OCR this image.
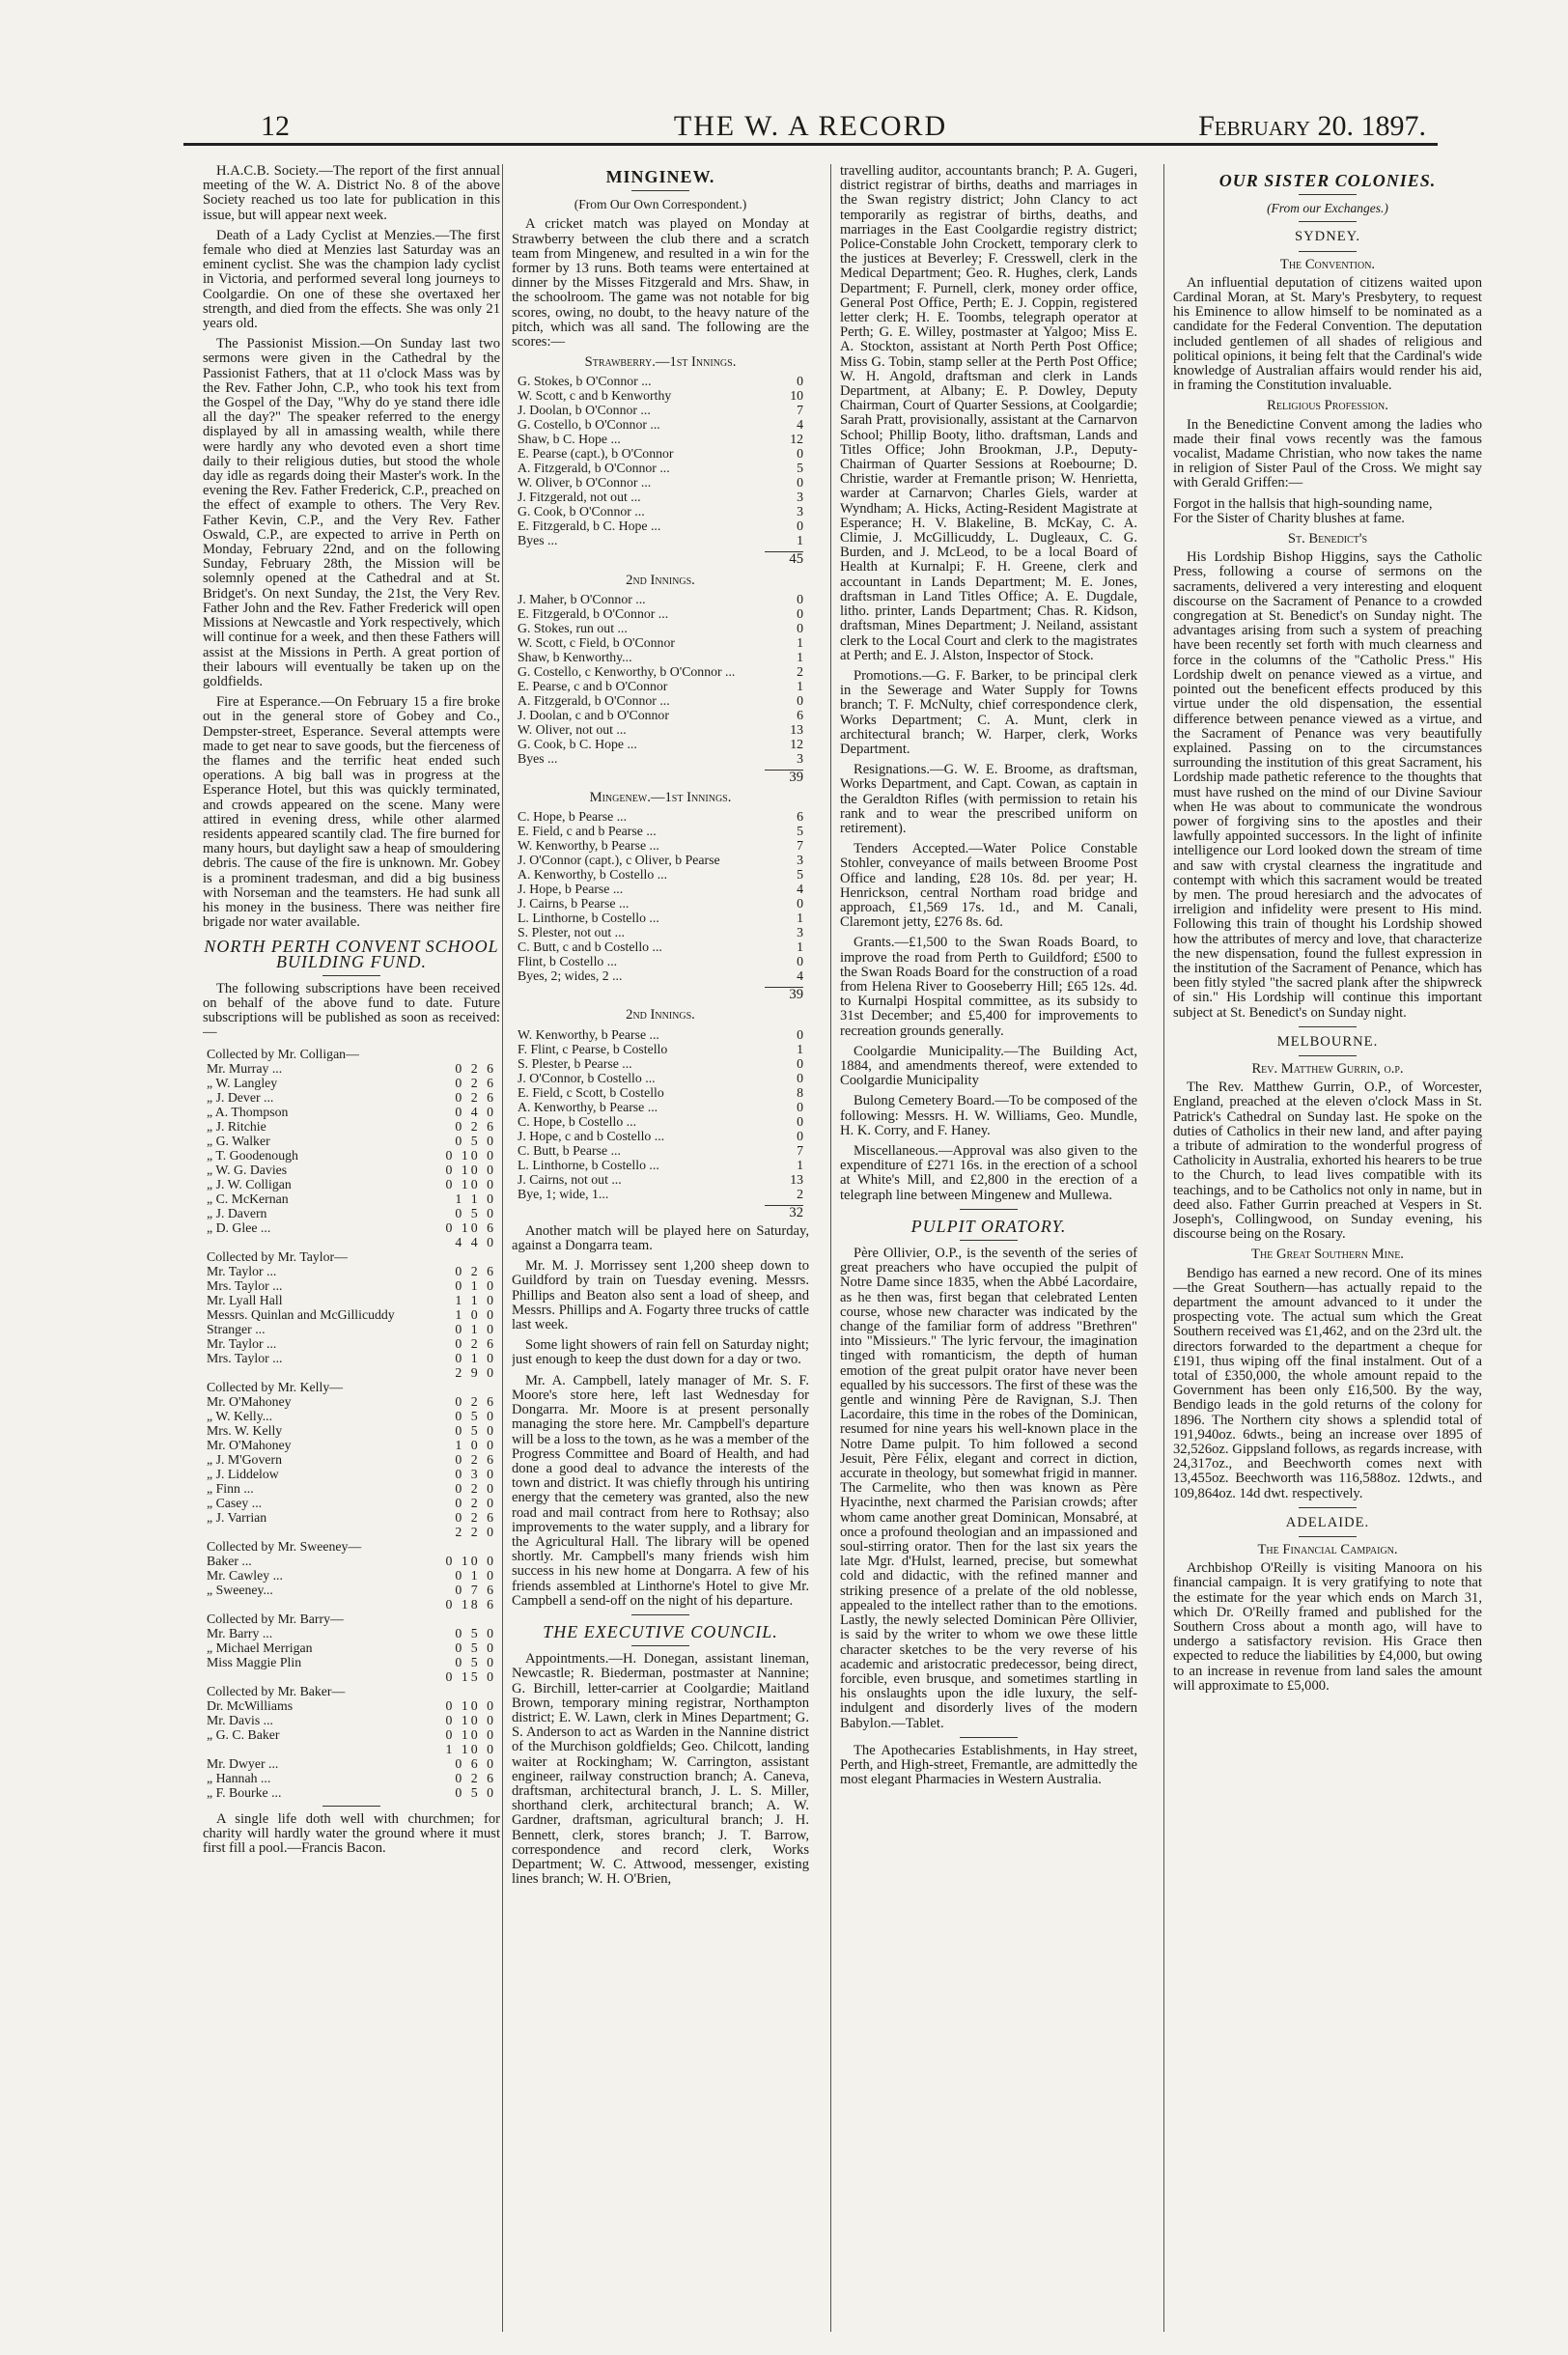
12	THE W. A RECORD	February 20. 1897.

H.A.C.B. Society.—The report of the first annual meeting of the W. A. District No. 8 of the above Society reached us too late for publication in this issue, but will appear next week.

Death of a Lady Cyclist at Menzies.—The first female who died at Menzies last Saturday was an eminent cyclist. She was the champion lady cyclist in Victoria, and performed several long journeys to Coolgardie. On one of these she overtaxed her strength, and died from the effects. She was only 21 years old.

The Passionist Mission.—On Sunday last two sermons were given in the Cathedral by the Passionist Fathers, that at 11 o'clock Mass was by the Rev. Father John, C.P., who took his text from the Gospel of the Day, "Why do ye stand there idle all the day?" The speaker referred to the energy displayed by all in amassing wealth, while there were hardly any who devoted even a short time daily to their religious duties, but stood the whole day idle as regards doing their Master's work. In the evening the Rev. Father Frederick, C.P., preached on the effect of example to others. The Very Rev. Father Kevin, C.P., and the Very Rev. Father Oswald, C.P., are expected to arrive in Perth on Monday, February 22nd, and on the following Sunday, February 28th, the Mission will be solemnly opened at the Cathedral and at St. Bridget's. On next Sunday, the 21st, the Very Rev. Father John and the Rev. Father Frederick will open Missions at Newcastle and York respectively, which will continue for a week, and then these Fathers will assist at the Missions in Perth. A great portion of their labours will eventually be taken up on the goldfields.

Fire at Esperance.—On February 15 a fire broke out in the general store of Gobey and Co., Dempster-street, Esperance. Several attempts were made to get near to save goods, but the fierceness of the flames and the terrific heat ended such operations. A big ball was in progress at the Esperance Hotel, but this was quickly terminated, and crowds appeared on the scene. Many were attired in evening dress, while other alarmed residents appeared scantily clad. The fire burned for many hours, but daylight saw a heap of smouldering debris. The cause of the fire is unknown. Mr. Gobey is a prominent tradesman, and did a big business with Norseman and the teamsters. He had sunk all his money in the business. There was neither fire brigade nor water available.

NORTH PERTH CONVENT SCHOOL BUILDING FUND.

The following subscriptions have been received on behalf of the above fund to date. Future subscriptions will be published as soon as received:—

Collected by Mr. Colligan—
Mr. Murray ...	0 2 6
„ W. Langley	0 2 6
„ J. Dever ...	0 2 6
„ A. Thompson	0 4 0
„ J. Ritchie	0 2 6
„ G. Walker	0 5 0
„ T. Goodenough	0 10 0
„ W. G. Davies	0 10 0
„ J. W. Colligan	0 10 0
„ C. McKernan	1 1 0
„ J. Davern	0 5 0
„ D. Glee ...	0 10 6
4 4 0
Collected by Mr. Taylor—
Mr. Taylor ...	0 2 6
Mrs. Taylor ...	0 1 0
Mr. Lyall Hall	1 1 0
Messrs. Quinlan and McGillicuddy	1 0 0
Stranger ...	0 1 0
Mr. Taylor ...	0 2 6
Mrs. Taylor ...	0 1 0
2 9 0
Collected by Mr. Kelly—
Mr. O'Mahoney	0 2 6
„ W. Kelly...	0 5 0
Mrs. W. Kelly	0 5 0
Mr. O'Mahoney	1 0 0
„ J. M'Govern	0 2 6
„ J. Liddelow	0 3 0
„ Finn ...	0 2 0
„ Casey ...	0 2 0
„ J. Varrian	0 2 6
2 2 0
Collected by Mr. Sweeney—
Baker ...	0 10 0
Mr. Cawley ...	0 1 0
„ Sweeney...	0 7 6
0 18 6
Collected by Mr. Barry—
Mr. Barry ...	0 5 0
„ Michael Merrigan	0 5 0
Miss Maggie Plin	0 5 0
0 15 0
Collected by Mr. Baker—
Dr. McWilliams	0 10 0
Mr. Davis ...	0 10 0
„ G. C. Baker	0 10 0
1 10 0
Mr. Dwyer ...	0 6 0
„ Hannah ...	0 2 6
„ F. Bourke ...	0 5 0

A single life doth well with churchmen; for charity will hardly water the ground where it must first fill a pool.—Francis Bacon.

MINGINEW.
(From Our Own Correspondent.)

A cricket match was played on Monday at Strawberry between the club there and a scratch team from Mingenew, and resulted in a win for the former by 13 runs. Both teams were entertained at dinner by the Misses Fitzgerald and Mrs. Shaw, in the schoolroom. The game was not notable for big scores, owing, no doubt, to the heavy nature of the pitch, which was all sand. The following are the scores:—

Strawberry.—1st Innings.
G. Stokes, b O'Connor ...	0
W. Scott, c and b Kenworthy	10
J. Doolan, b O'Connor ...	7
G. Costello, b O'Connor ...	4
Shaw, b C. Hope ...	12
E. Pearse (capt.), b O'Connor	0
A. Fitzgerald, b O'Connor ...	5
W. Oliver, b O'Connor ...	0
J. Fitzgerald, not out ...	3
G. Cook, b O'Connor ...	3
E. Fitzgerald, b C. Hope ...	0
Byes ...	1
45
2nd Innings.
J. Maher, b O'Connor ...	0
E. Fitzgerald, b O'Connor ...	0
G. Stokes, run out ...	0
W. Scott, c Field, b O'Connor	1
Shaw, b Kenworthy...	1
G. Costello, c Kenworthy, b O'Connor ...	2
E. Pearse, c and b O'Connor	1
A. Fitzgerald, b O'Connor ...	0
J. Doolan, c and b O'Connor	6
W. Oliver, not out ...	13
G. Cook, b C. Hope ...	12
Byes ...	3
39
Mingenew.—1st Innings.
C. Hope, b Pearse ...	6
E. Field, c and b Pearse ...	5
W. Kenworthy, b Pearse ...	7
J. O'Connor (capt.), c Oliver, b Pearse	3
A. Kenworthy, b Costello ...	5
J. Hope, b Pearse ...	4
J. Cairns, b Pearse ...	0
L. Linthorne, b Costello ...	1
S. Plester, not out ...	3
C. Butt, c and b Costello ...	1
Flint, b Costello ...	0
Byes, 2; wides, 2 ...	4
39
2nd Innings.
W. Kenworthy, b Pearse ...	0
F. Flint, c Pearse, b Costello	1
S. Plester, b Pearse ...	0
J. O'Connor, b Costello ...	0
E. Field, c Scott, b Costello	8
A. Kenworthy, b Pearse ...	0
C. Hope, b Costello ...	0
J. Hope, c and b Costello ...	0
C. Butt, b Pearse ...	7
L. Linthorne, b Costello ...	1
J. Cairns, not out ...	13
Bye, 1; wide, 1...	2
32

Another match will be played here on Saturday, against a Dongarra team.

Mr. M. J. Morrissey sent 1,200 sheep down to Guildford by train on Tuesday evening. Messrs. Phillips and Beaton also sent a load of sheep, and Messrs. Phillips and A. Fogarty three trucks of cattle last week.

Some light showers of rain fell on Saturday night; just enough to keep the dust down for a day or two.

Mr. A. Campbell, lately manager of Mr. S. F. Moore's store here, left last Wednesday for Dongarra. Mr. Moore is at present personally managing the store here. Mr. Campbell's departure will be a loss to the town, as he was a member of the Progress Committee and Board of Health, and had done a good deal to advance the interests of the town and district. It was chiefly through his untiring energy that the cemetery was granted, also the new road and mail contract from here to Rothsay; also improvements to the water supply, and a library for the Agricultural Hall. The library will be opened shortly. Mr. Campbell's many friends wish him success in his new home at Dongarra. A few of his friends assembled at Linthorne's Hotel to give Mr. Campbell a send-off on the night of his departure.

THE EXECUTIVE COUNCIL.

Appointments.—H. Donegan, assistant lineman, Newcastle; R. Biederman, postmaster at Nannine; G. Birchill, letter-carrier at Coolgardie; Maitland Brown, temporary mining registrar, Northampton district; E. W. Lawn, clerk in Mines Department; G. S. Anderson to act as Warden in the Nannine district of the Murchison goldfields; Geo. Chilcott, landing waiter at Rockingham; W. Carrington, assistant engineer, railway construction branch; A. Caneva, draftsman, architectural branch, J. L. S. Miller, shorthand clerk, architectural branch; A. W. Gardner, draftsman, agricultural branch; J. H. Bennett, clerk, stores branch; J. T. Barrow, correspondence and record clerk, Works Department; W. C. Attwood, messenger, existing lines branch; W. H. O'Brien,

travelling auditor, accountants branch; P. A. Gugeri, district registrar of births, deaths and marriages in the Swan registry district; John Clancy to act temporarily as registrar of births, deaths, and marriages in the East Coolgardie registry district; Police-Constable John Crockett, temporary clerk to the justices at Beverley; F. Cresswell, clerk in the Medical Department; Geo. R. Hughes, clerk, Lands Department; F. Purnell, clerk, money order office, General Post Office, Perth; E. J. Coppin, registered letter clerk; H. E. Toombs, telegraph operator at Perth; G. E. Willey, postmaster at Yalgoo; Miss E. A. Stockton, assistant at North Perth Post Office; Miss G. Tobin, stamp seller at the Perth Post Office; W. H. Angold, draftsman and clerk in Lands Department, at Albany; E. P. Dowley, Deputy Chairman, Court of Quarter Sessions, at Coolgardie; Sarah Pratt, provisionally, assistant at the Carnarvon School; Phillip Booty, litho. draftsman, Lands and Titles Office; John Brookman, J.P., Deputy-Chairman of Quarter Sessions at Roebourne; D. Christie, warder at Fremantle prison; W. Henrietta, warder at Carnarvon; Charles Giels, warder at Wyndham; A. Hicks, Acting-Resident Magistrate at Esperance; H. V. Blakeline, B. McKay, C. A. Climie, J. McGillicuddy, L. Dugleaux, C. G. Burden, and J. McLeod, to be a local Board of Health at Kurnalpi; F. H. Greene, clerk and accountant in Lands Department; M. E. Jones, draftsman in Land Titles Office; A. E. Dugdale, litho. printer, Lands Department; Chas. R. Kidson, draftsman, Mines Department; J. Neiland, assistant clerk to the Local Court and clerk to the magistrates at Perth; and E. J. Alston, Inspector of Stock.

Promotions.—G. F. Barker, to be principal clerk in the Sewerage and Water Supply for Towns branch; T. F. McNulty, chief correspondence clerk, Works Department; C. A. Munt, clerk in architectural branch; W. Harper, clerk, Works Department.

Resignations.—G. W. E. Broome, as draftsman, Works Department, and Capt. Cowan, as captain in the Geraldton Rifles (with permission to retain his rank and to wear the prescribed uniform on retirement).

Tenders Accepted.—Water Police Constable Stohler, conveyance of mails between Broome Post Office and landing, £28 10s. 8d. per year; H. Henrickson, central Northam road bridge and approach, £1,569 17s. 1d., and M. Canali, Claremont jetty, £276 8s. 6d.

Grants.—£1,500 to the Swan Roads Board, to improve the road from Perth to Guildford; £500 to the Swan Roads Board for the construction of a road from Helena River to Gooseberry Hill; £65 12s. 4d. to Kurnalpi Hospital committee, as its subsidy to 31st December; and £5,400 for improvements to recreation grounds generally.

Coolgardie Municipality.—The Building Act, 1884, and amendments thereof, were extended to Coolgardie Municipality

Bulong Cemetery Board.—To be composed of the following: Messrs. H. W. Williams, Geo. Mundle, H. K. Corry, and F. Haney.

Miscellaneous.—Approval was also given to the expenditure of £271 16s. in the erection of a school at White's Mill, and £2,800 in the erection of a telegraph line between Mingenew and Mullewa.

PULPIT ORATORY.

Père Ollivier, O.P., is the seventh of the series of great preachers who have occupied the pulpit of Notre Dame since 1835, when the Abbé Lacordaire, as he then was, first began that celebrated Lenten course, whose new character was indicated by the change of the familiar form of address "Brethren" into "Missieurs." The lyric fervour, the imagination tinged with romanticism, the depth of human emotion of the great pulpit orator have never been equalled by his successors. The first of these was the gentle and winning Père de Ravignan, S.J. Then Lacordaire, this time in the robes of the Dominican, resumed for nine years his well-known place in the Notre Dame pulpit. To him followed a second Jesuit, Père Félix, elegant and correct in diction, accurate in theology, but somewhat frigid in manner. The Carmelite, who then was known as Père Hyacinthe, next charmed the Parisian crowds; after whom came another great Dominican, Monsabré, at once a profound theologian and an impassioned and soul-stirring orator. Then for the last six years the late Mgr. d'Hulst, learned, precise, but somewhat cold and didactic, with the refined manner and striking presence of a prelate of the old noblesse, appealed to the intellect rather than to the emotions. Lastly, the newly selected Dominican Père Ollivier, is said by the writer to whom we owe these little character sketches to be the very reverse of his academic and aristocratic predecessor, being direct, forcible, even brusque, and sometimes startling in his onslaughts upon the idle luxury, the self-indulgent and disorderly lives of the modern Babylon.—Tablet.

The Apothecaries Establishments, in Hay street, Perth, and High-street, Fremantle, are admittedly the most elegant Pharmacies in Western Australia.

OUR SISTER COLONIES.
(From our Exchanges.)
SYDNEY.
The Convention.

An influential deputation of citizens waited upon Cardinal Moran, at St. Mary's Presbytery, to request his Eminence to allow himself to be nominated as a candidate for the Federal Convention. The deputation included gentlemen of all shades of religious and political opinions, it being felt that the Cardinal's wide knowledge of Australian affairs would render his aid, in framing the Constitution invaluable.

Religious Profession.

In the Benedictine Convent among the ladies who made their final vows recently was the famous vocalist, Madame Christian, who now takes the name in religion of Sister Paul of the Cross. We might say with Gerald Griffen:—

Forgot in the hallsis that high-sounding name,
For the Sister of Charity blushes at fame.
St. Benedict's

His Lordship Bishop Higgins, says the Catholic Press, following a course of sermons on the sacraments, delivered a very interesting and eloquent discourse on the Sacrament of Penance to a crowded congregation at St. Benedict's on Sunday night. The advantages arising from such a system of preaching have been recently set forth with much clearness and force in the columns of the "Catholic Press." His Lordship dwelt on penance viewed as a virtue, and pointed out the beneficent effects produced by this virtue under the old dispensation, the essential difference between penance viewed as a virtue, and the Sacrament of Penance was very beautifully explained. Passing on to the circumstances surrounding the institution of this great Sacrament, his Lordship made pathetic reference to the thoughts that must have rushed on the mind of our Divine Saviour when He was about to communicate the wondrous power of forgiving sins to the apostles and their lawfully appointed successors. In the light of infinite intelligence our Lord looked down the stream of time and saw with crystal clearness the ingratitude and contempt with which this sacrament would be treated by men. The proud heresiarch and the advocates of irreligion and infidelity were present to His mind. Following this train of thought his Lordship showed how the attributes of mercy and love, that characterize the new dispensation, found the fullest expression in the institution of the Sacrament of Penance, which has been fitly styled "the sacred plank after the shipwreck of sin." His Lordship will continue this important subject at St. Benedict's on Sunday night.

MELBOURNE.
Rev. Matthew Gurrin, o.p.

The Rev. Matthew Gurrin, O.P., of Worcester, England, preached at the eleven o'clock Mass in St. Patrick's Cathedral on Sunday last. He spoke on the duties of Catholics in their new land, and after paying a tribute of admiration to the wonderful progress of Catholicity in Australia, exhorted his hearers to be true to the Church, to lead lives compatible with its teachings, and to be Catholics not only in name, but in deed also. Father Gurrin preached at Vespers in St. Joseph's, Collingwood, on Sunday evening, his discourse being on the Rosary.

The Great Southern Mine.

Bendigo has earned a new record. One of its mines—the Great Southern—has actually repaid to the department the amount advanced to it under the prospecting vote. The actual sum which the Great Southern received was £1,462, and on the 23rd ult. the directors forwarded to the department a cheque for £191, thus wiping off the final instalment. Out of a total of £350,000, the whole amount repaid to the Government has been only £16,500. By the way, Bendigo leads in the gold returns of the colony for 1896. The Northern city shows a splendid total of 191,940oz. 6dwts., being an increase over 1895 of 32,526oz. Gippsland follows, as regards increase, with 24,317oz., and Beechworth comes next with 13,455oz. Beechworth was 116,588oz. 12dwts., and 109,864oz. 14d dwt. respectively.

ADELAIDE.
The Financial Campaign.

Archbishop O'Reilly is visiting Manoora on his financial campaign. It is very gratifying to note that the estimate for the year which ends on March 31, which Dr. O'Reilly framed and published for the Southern Cross about a month ago, will have to undergo a satisfactory revision. His Grace then expected to reduce the liabilities by £4,000, but owing to an increase in revenue from land sales the amount will approximate to £5,000.
